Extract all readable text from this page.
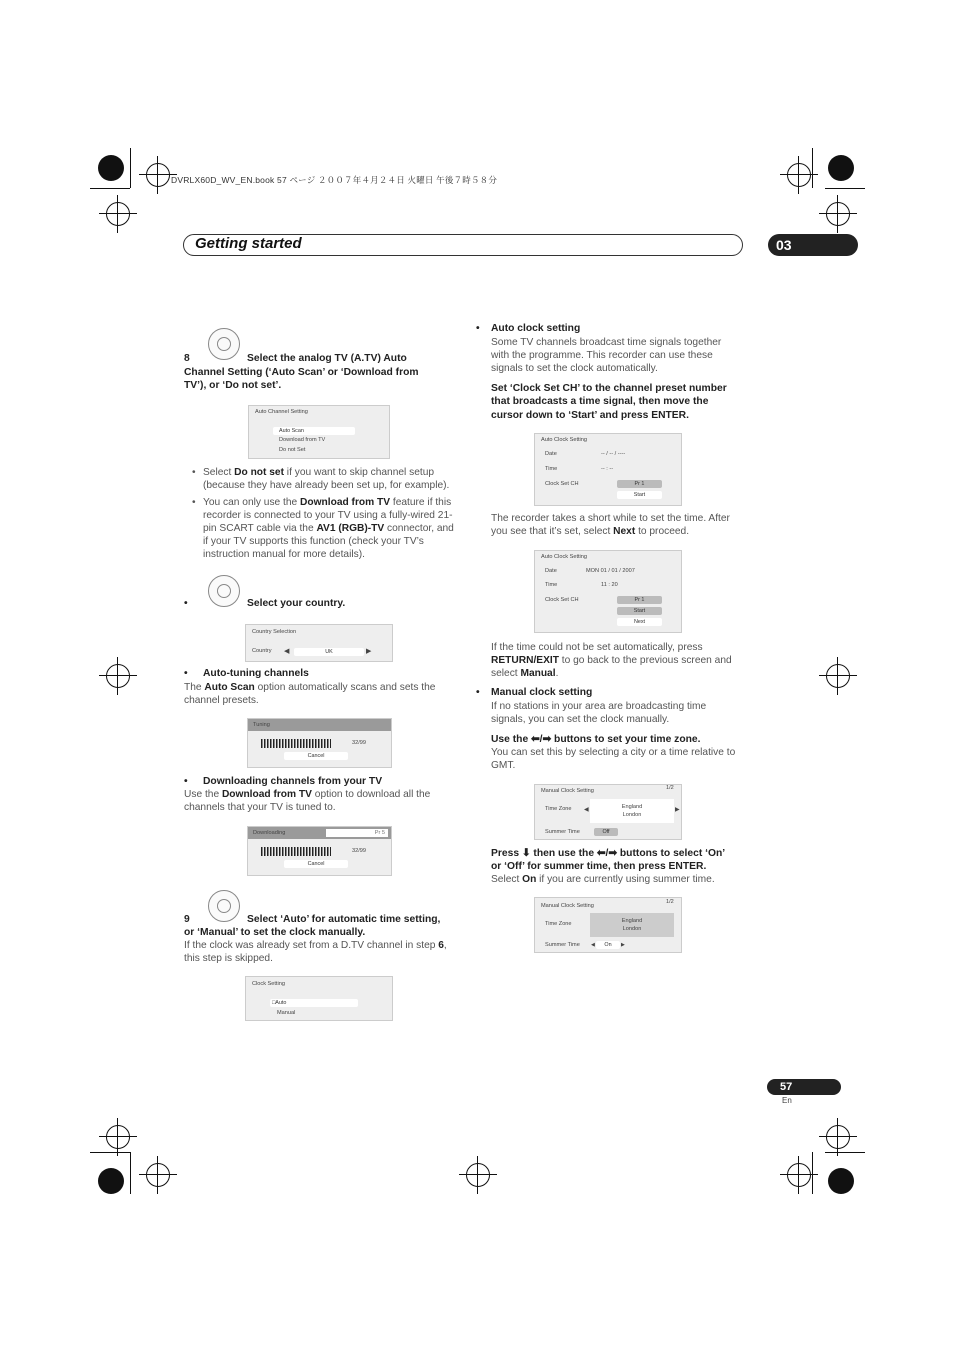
DVRLX60D_WV_EN.book 57 ページ ２００７年４月２４日 火曜日 午後７時５８分
Getting started	03
8	Select the analog TV (A.TV) Auto
Channel Setting (‘Auto Scan’ or ‘Download from
TV’), or ‘Do not set’.
Auto Channel Setting
Auto Scan
Download from TV
Do not Set
• Select Do not set if you want to skip channel setup (because they have already been set up, for example).
• You can only use the Download from TV feature if this recorder is connected to your TV using a fully-wired 21-pin SCART cable via the AV1 (RGB)-TV connector, and if your TV supports this function (check your TV’s instruction manual for more details).
•	Select your country.
Country Selection
Country ◀	UK	▶
• Auto-tuning channels
The Auto Scan option automatically scans and sets the channel presets.
Tuning
32/99
Cancel
• Downloading channels from your TV
Use the Download from TV option to download all the channels that your TV is tuned to.
Downloading	Pr 5
32/99
Cancel
9	Select ‘Auto’ for automatic time setting,
or ‘Manual’ to set the clock manually.
If the clock was already set from a D.TV channel in step 6, this step is skipped.
Clock Setting
□Auto
Manual
• Auto clock setting
Some TV channels broadcast time signals together with the programme. This recorder can use these signals to set the clock automatically.
Set ‘Clock Set CH’ to the channel preset number that broadcasts a time signal, then move the cursor down to ‘Start’ and press ENTER.
Auto Clock Setting
Date	-- / -- / ----
Time	-- : --
Clock Set CH	Pr 1
Start
The recorder takes a short while to set the time. After you see that it’s set, select Next to proceed.
Auto Clock Setting
Date	MON 01 / 01 / 2007
Time	11 : 20
Clock Set CH	Pr 1
Start
Next
If the time could not be set automatically, press RETURN/EXIT to go back to the previous screen and select Manual.
• Manual clock setting
If no stations in your area are broadcasting time signals, you can set the clock manually.
Use the ⬅/➡ buttons to set your time zone.
You can set this by selecting a city or a time relative to GMT.
Manual Clock Setting	1/2
Time Zone ◀	England
London
▶
Summer Time	Off
Press ⬇ then use the ⬅/➡ buttons to select ‘On’
or ‘Off’ for summer time, then press ENTER.
Select On if you are currently using summer time.
Manual Clock Setting
1/2
Time Zone	England
London
Summer Time ◀	On	▶
57
En
